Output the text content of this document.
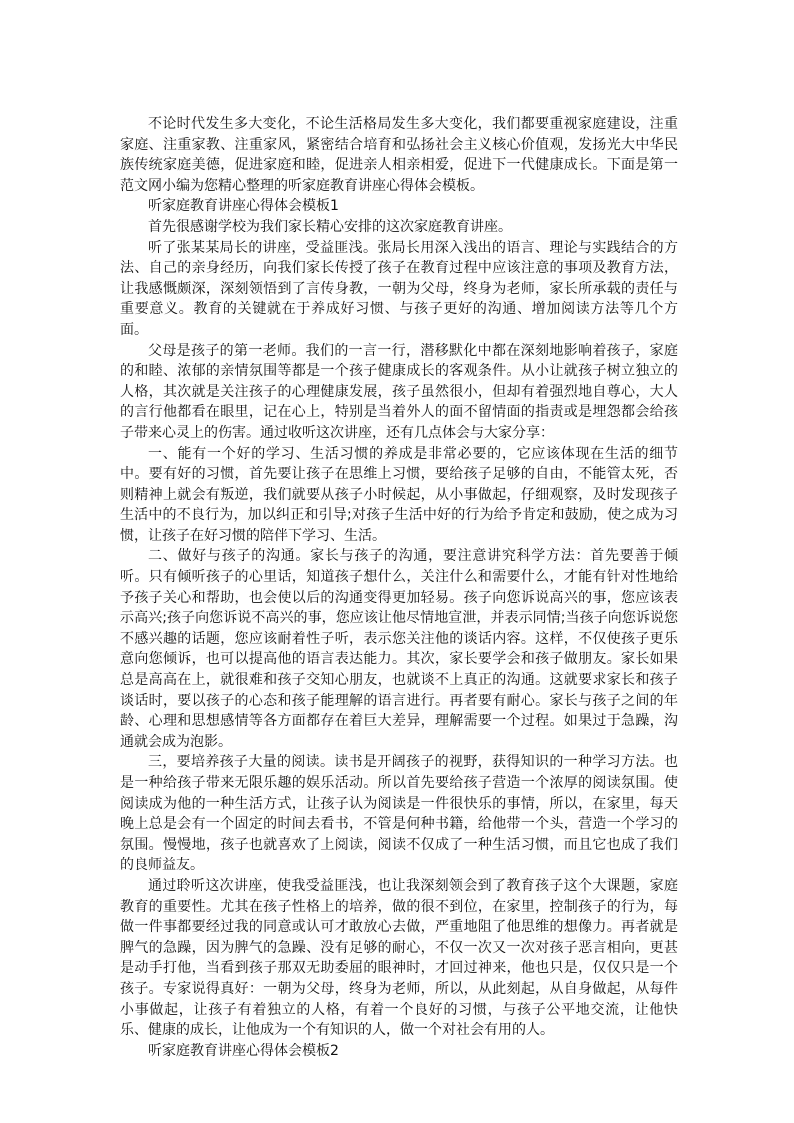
不论时代发生多大变化，不论生活格局发生多大变化，我们都要重视家庭建设，注重家庭、注重家教、注重家风，紧密结合培育和弘扬社会主义核心价值观，发扬光大中华民族传统家庭美德，促进家庭和睦，促进亲人相亲相爱，促进下一代健康成长。下面是第一范文网小编为您精心整理的听家庭教育讲座心得体会模板。

听家庭教育讲座心得体会模板1

首先很感谢学校为我们家长精心安排的这次家庭教育讲座。

听了张某某局长的讲座，受益匪浅。张局长用深入浅出的语言、理论与实践结合的方法、自己的亲身经历，向我们家长传授了孩子在教育过程中应该注意的事项及教育方法，让我感慨颇深，深刻领悟到了言传身教，一朝为父母，终身为老师，家长所承载的责任与重要意义。教育的关键就在于养成好习惯、与孩子更好的沟通、增加阅读方法等几个方面。

父母是孩子的第一老师。我们的一言一行，潜移默化中都在深刻地影响着孩子，家庭的和睦、浓郁的亲情氛围等都是一个孩子健康成长的客观条件。从小让就孩子树立独立的人格，其次就是关注孩子的心理健康发展，孩子虽然很小，但却有着强烈地自尊心，大人的言行他都看在眼里，记在心上，特别是当着外人的面不留情面的指责或是埋怨都会给孩子带来心灵上的伤害。通过收听这次讲座，还有几点体会与大家分享：

一、能有一个好的学习、生活习惯的养成是非常必要的，它应该体现在生活的细节中。要有好的习惯，首先要让孩子在思维上习惯，要给孩子足够的自由，不能管太死，否则精神上就会有叛逆，我们就要从孩子小时候起，从小事做起，仔细观察，及时发现孩子生活中的不良行为，加以纠正和引导;对孩子生活中好的行为给予肯定和鼓励，使之成为习惯，让孩子在好习惯的陪伴下学习、生活。

二、做好与孩子的沟通。家长与孩子的沟通，要注意讲究科学方法：首先要善于倾听。只有倾听孩子的心里话，知道孩子想什么，关注什么和需要什么，才能有针对性地给予孩子关心和帮助，也会使以后的沟通变得更加轻易。孩子向您诉说高兴的事，您应该表示高兴;孩子向您诉说不高兴的事，您应该让他尽情地宣泄，并表示同情;当孩子向您诉说您不感兴趣的话题，您应该耐着性子听，表示您关注他的谈话内容。这样，不仅使孩子更乐意向您倾诉，也可以提高他的语言表达能力。其次，家长要学会和孩子做朋友。家长如果总是高高在上，就很难和孩子交知心朋友，也就谈不上真正的沟通。这就要求家长和孩子谈话时，要以孩子的心态和孩子能理解的语言进行。再者要有耐心。家长与孩子之间的年龄、心理和思想感情等各方面都存在着巨大差异，理解需要一个过程。如果过于急躁，沟通就会成为泡影。

三，要培养孩子大量的阅读。读书是开阔孩子的视野，获得知识的一种学习方法。也是一种给孩子带来无限乐趣的娱乐活动。所以首先要给孩子营造一个浓厚的阅读氛围。使阅读成为他的一种生活方式，让孩子认为阅读是一件很快乐的事情，所以，在家里，每天晚上总是会有一个固定的时间去看书，不管是何种书籍，给他带一个头，营造一个学习的氛围。慢慢地，孩子也就喜欢了上阅读，阅读不仅成了一种生活习惯，而且它也成了我们的良师益友。

通过聆听这次讲座，使我受益匪浅，也让我深刻领会到了教育孩子这个大课题，家庭教育的重要性。尤其在孩子性格上的培养，做的很不到位，在家里，控制孩子的行为，每做一件事都要经过我的同意或认可才敢放心去做，严重地阻了他思维的想像力。再者就是脾气的急躁，因为脾气的急躁、没有足够的耐心，不仅一次又一次对孩子恶言相向，更甚是动手打他，当看到孩子那双无助委屈的眼神时，才回过神来，他也只是，仅仅只是一个孩子。专家说得真好：一朝为父母，终身为老师，所以，从此刻起，从自身做起，从每件小事做起，让孩子有着独立的人格，有着一个良好的习惯，与孩子公平地交流，让他快乐、健康的成长，让他成为一个有知识的人，做一个对社会有用的人。

听家庭教育讲座心得体会模板2
